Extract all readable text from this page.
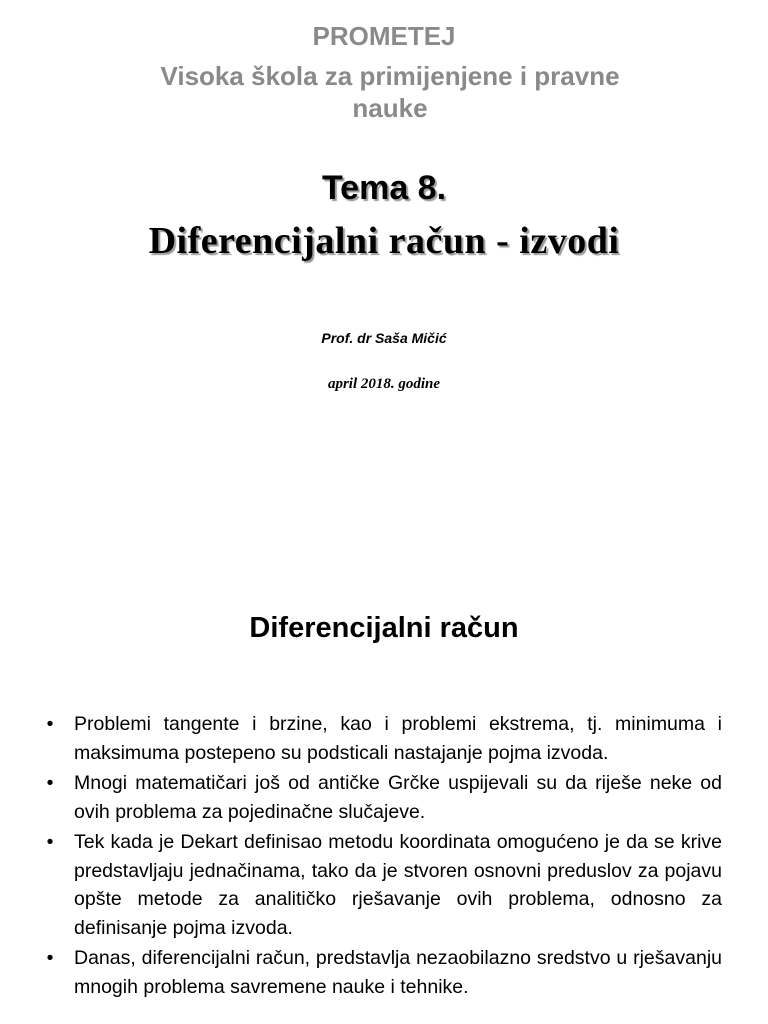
PROMETEJ

Visoka škola za primijenjene i pravne nauke

Tema 8.
Diferencijalni račun - izvodi

Prof. dr Saša Mičić

april 2018. godine

Diferencijalni račun
•	Problemi tangente i brzine, kao i problemi ekstrema, tj. minimuma i maksimuma postepeno su podsticali nastajanje pojma izvoda.
•	Mnogi matematičari još od antičke Grčke uspijevali su da riješe neke od ovih problema za pojedinačne slučajeve.
•	Tek kada je Dekart definisao metodu koordinata omogućeno je da se krive predstavljaju jednačinama, tako da je stvoren osnovni preduslov za pojavu opšte metode za analitičko rješavanje ovih problema, odnosno za definisanje pojma izvoda.
•	Danas, diferencijalni račun, predstavlja nezaobilazno sredstvo u rješavanju mnogih problema savremene nauke i tehnike.
